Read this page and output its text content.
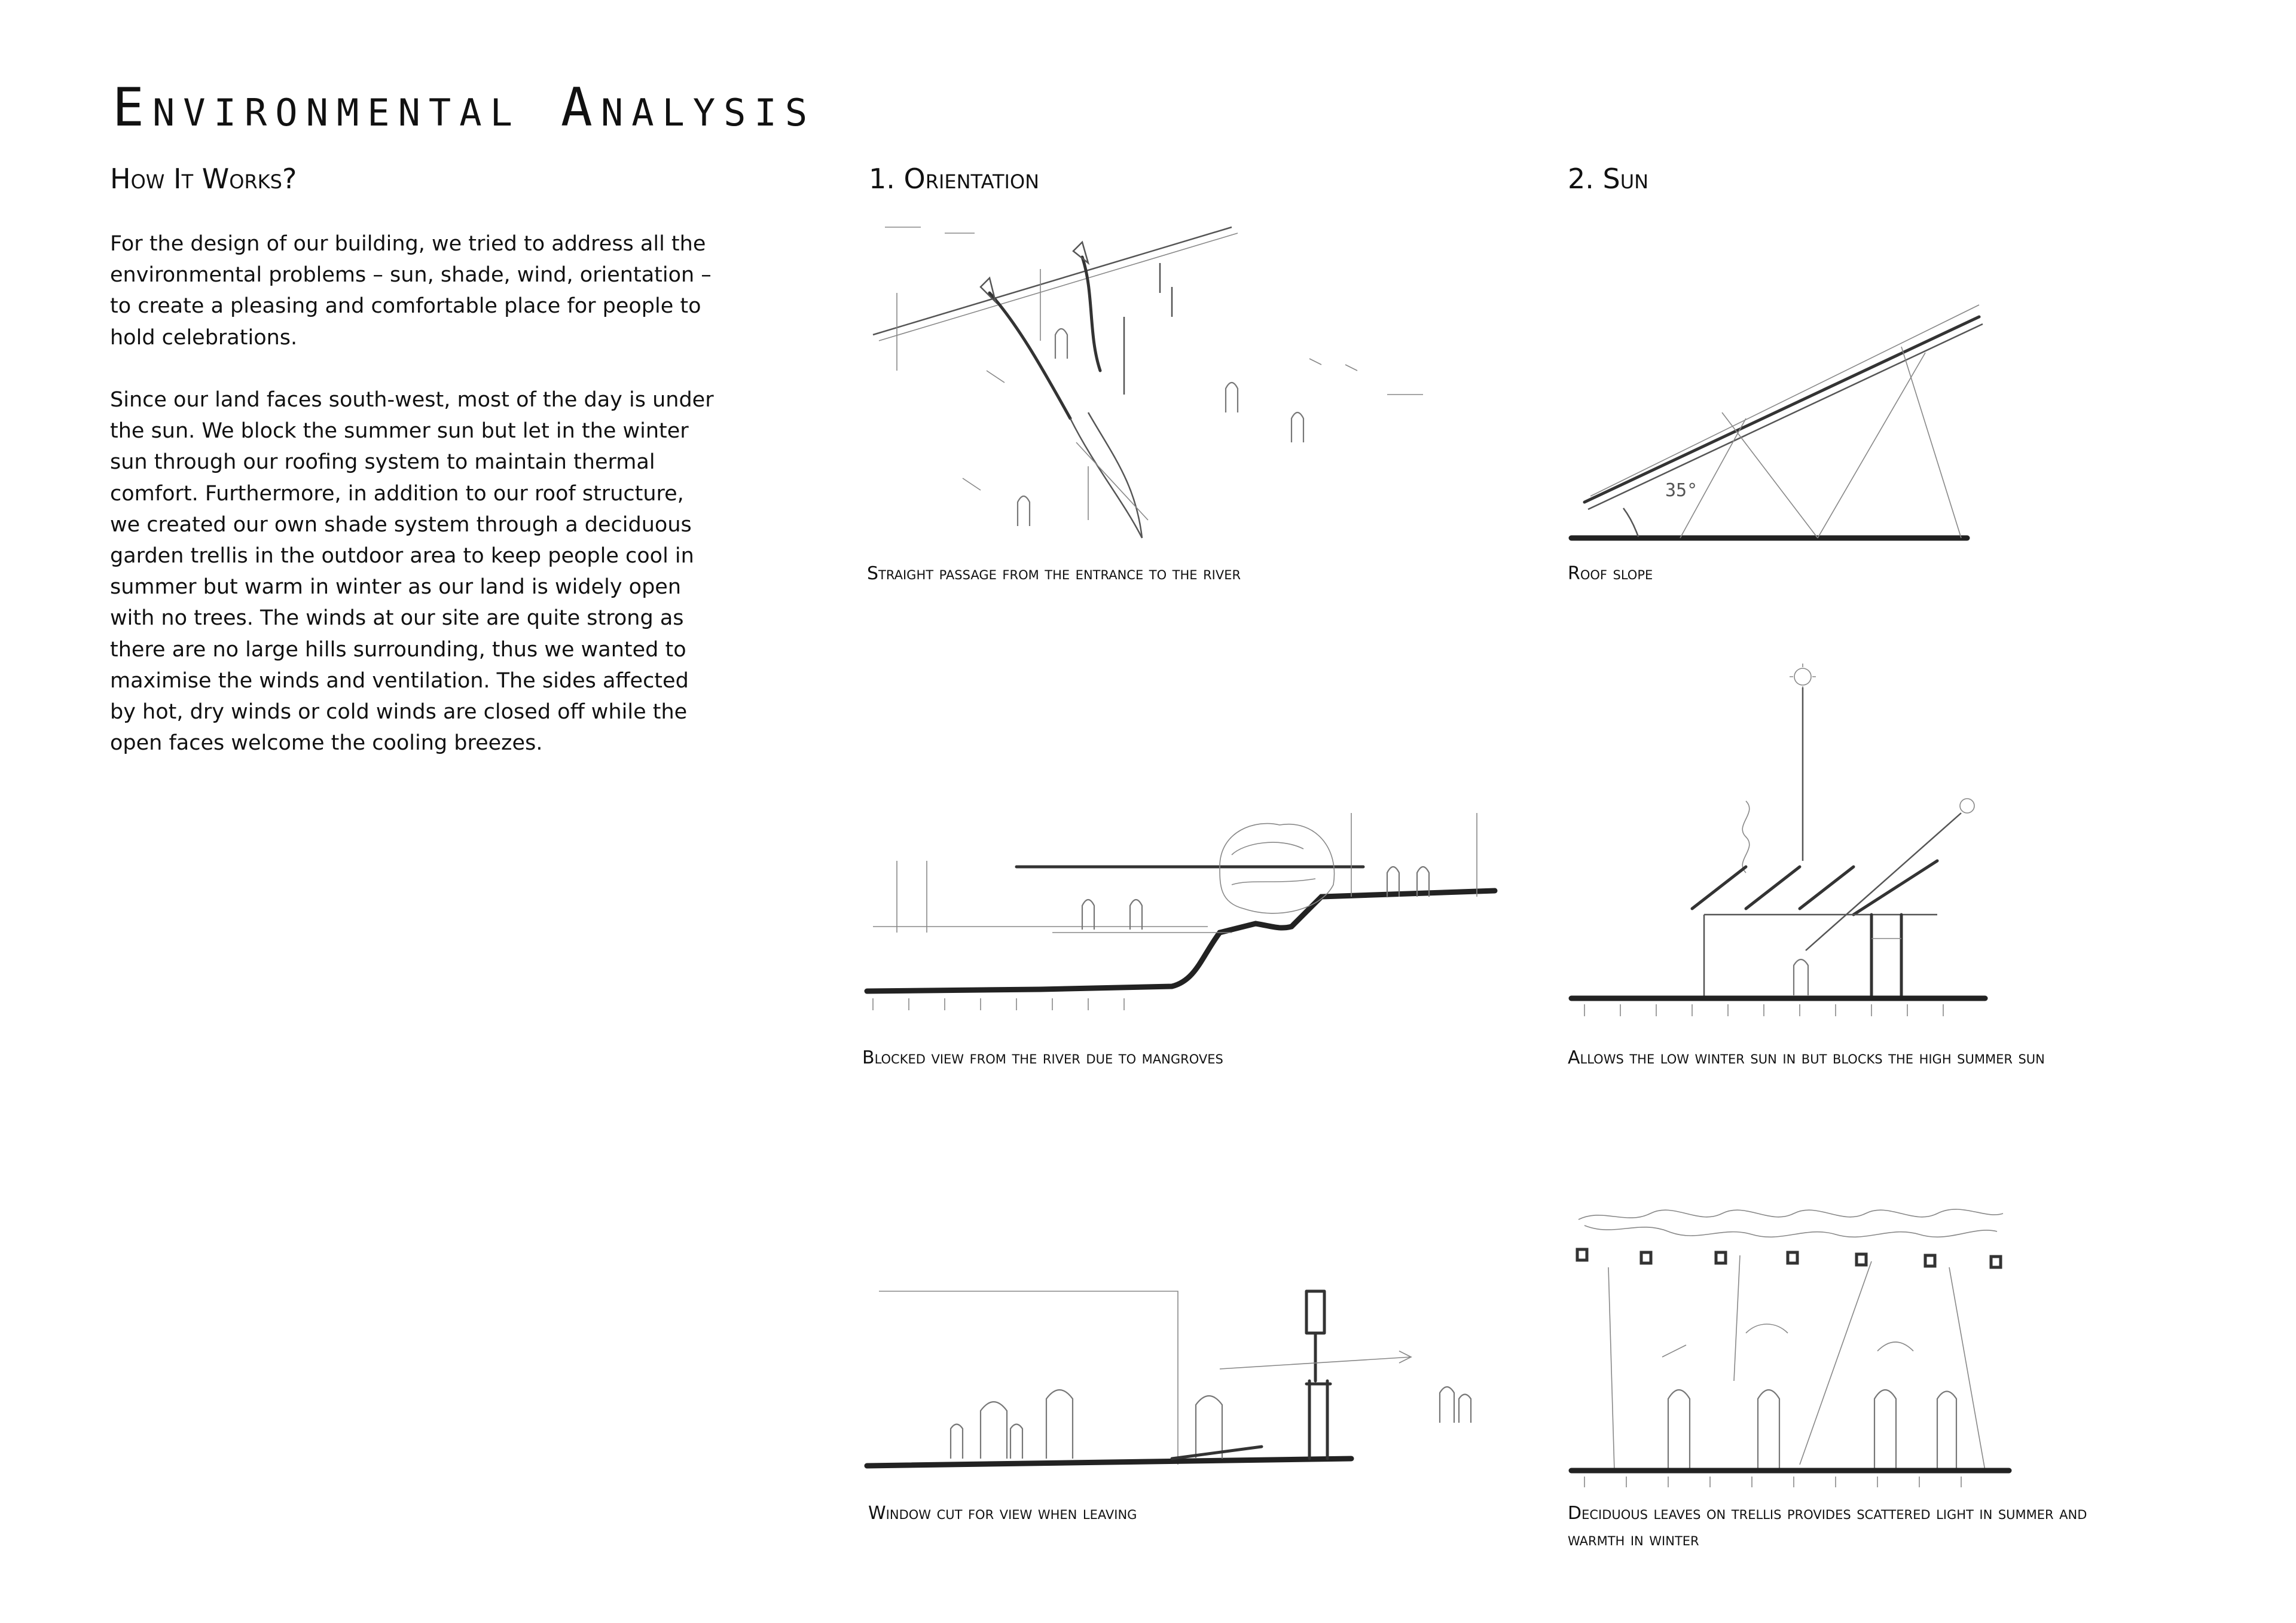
Environmental Analysis
How It Works?
For the design of our building, we tried to address all the environmental problems – sun, shade, wind, orientation – to create a pleasing and comfortable place for people to hold celebrations.
Since our land faces south-west, most of the day is under the sun. We block the summer sun but let in the winter sun through our roofing system to maintain thermal comfort. Furthermore, in addition to our roof structure, we created our own shade system through a deciduous garden trellis in the outdoor area to keep people cool in summer but warm in winter as our land is widely open with no trees. The winds at our site are quite strong as there are no large hills surrounding, thus we wanted to maximise the winds and ventilation. The sides affected by hot, dry winds or cold winds are closed off while the open faces welcome the cooling breezes.
1. Orientation	2. Sun
Straight passage from the entrance to the river
35°
Roof slope
Blocked view from the river due to mangroves	Allows the low winter sun in but blocks the high summer sun
Window cut for view when leaving	Deciduous leaves on trellis provides scattered light in summer and warmth in winter
